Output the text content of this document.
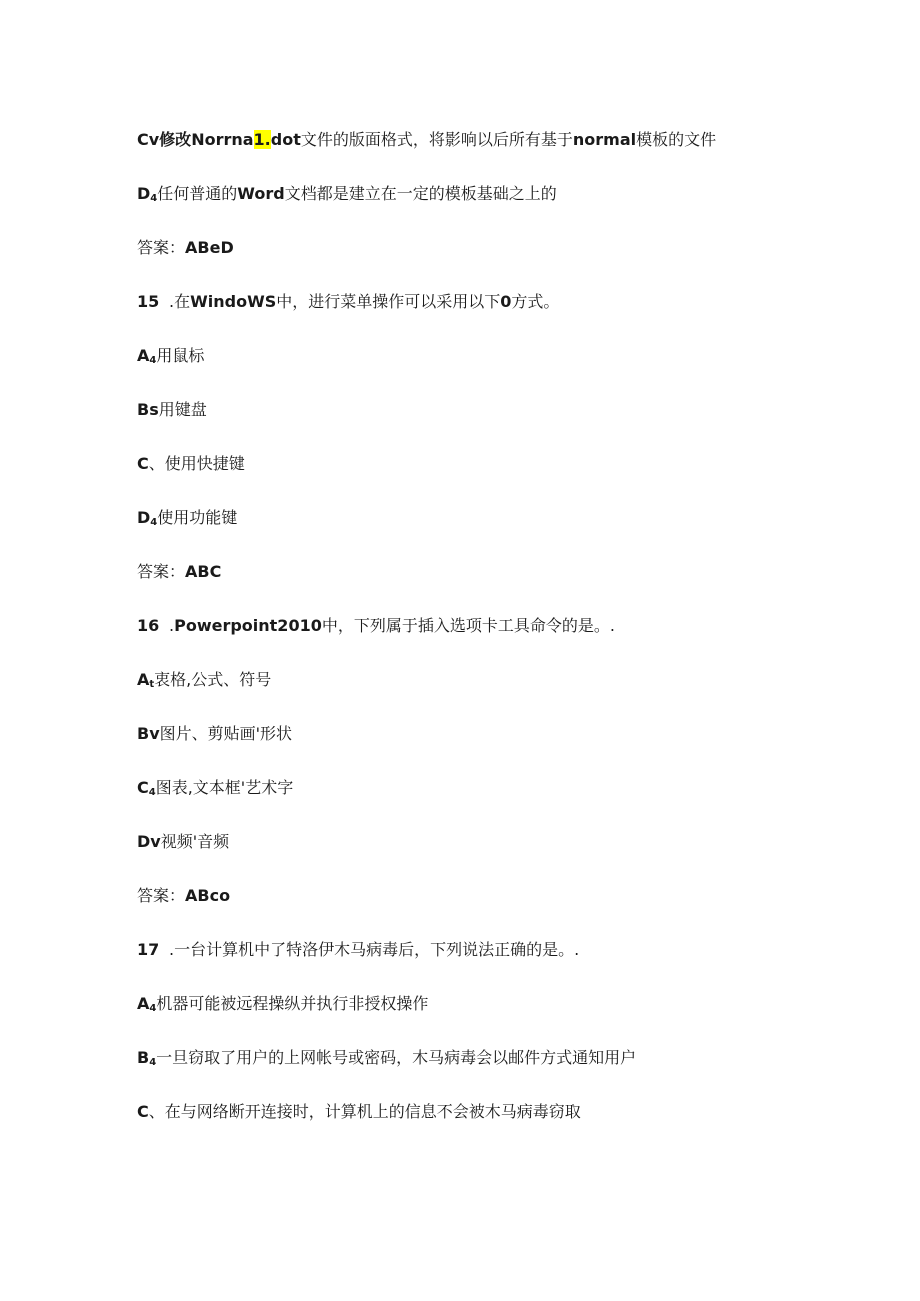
Cv修改Norrna1.dot文件的版面格式，将影响以后所有基于normal模板的文件
$D_4$任何普通的Word文档都是建立在一定的模板基础之上的
答案：ABeD
15 .在WindoWS中，进行菜单操作可以采用以下0方式。
$A_4$用鼠标
Bs用键盘
C、使用快捷键
$D_4$使用功能键
答案：ABC
16 .Powerpoint2010中，下列属于插入选项卡工具命令的是。.
$A_t$衷格,公式、符号
Bv图片、剪贴画'形状
$C_4$图表,文本框'艺术字
Dv视频'音频
答案：ABco
17 .一台计算机中了特洛伊木马病毒后，下列说法正确的是。.
$A_4$机器可能被远程操纵并执行非授权操作
$B_4$一旦窃取了用户的上网帐号或密码，木马病毒会以邮件方式通知用户
C、在与网络断开连接时，计算机上的信息不会被木马病毒窃取
